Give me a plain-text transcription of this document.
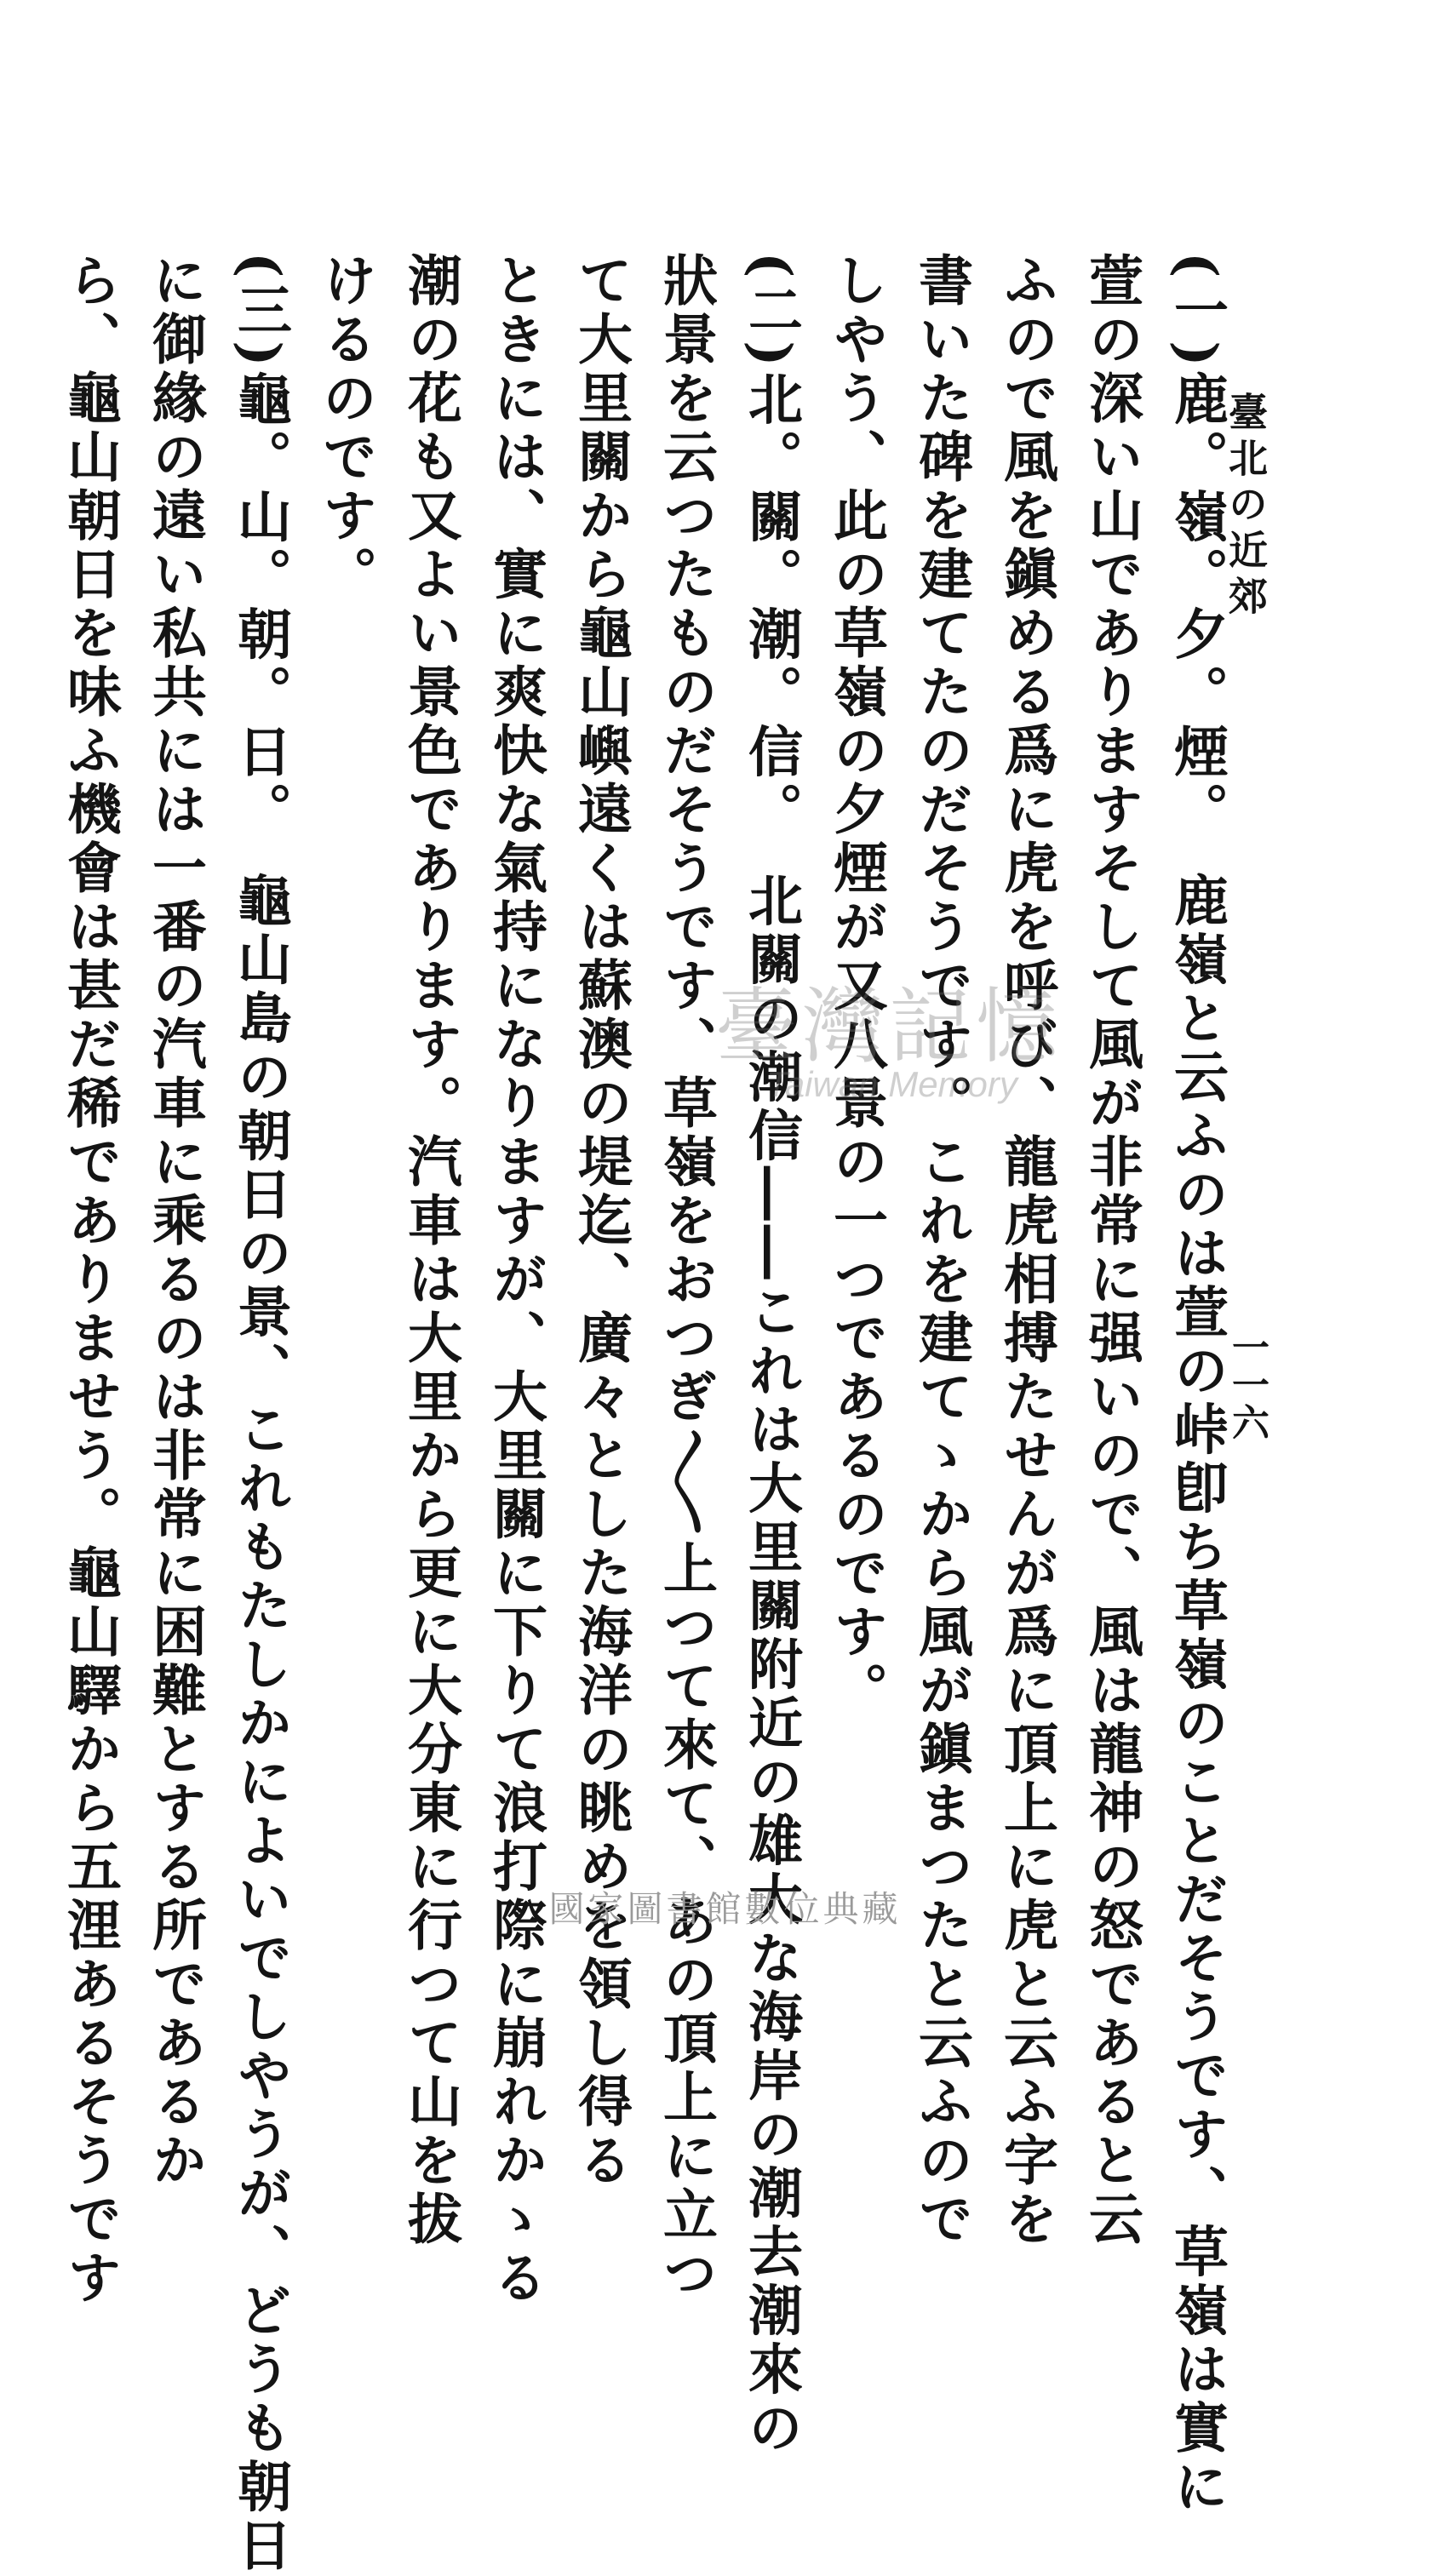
臺北の近郊
一一六

(一)鹿。嶺。夕。煙。　鹿嶺と云ふのは萱の峠卽ち草嶺のことだそうです、草嶺は實に

萱の深い山でありますそして風が非常に强いので、風は龍神の怒であると云

ふので風を鎭める爲に虎を呼び、龍虎相搏たせんが爲に頂上に虎と云ふ字を

書いた碑を建てたのだそうです。これを建てゝから風が鎭まつたと云ふので

しやう、此の草嶺の夕煙が又八景の一つであるのです。

(二)北。關。潮。信。　北關の潮信――これは大里關附近の雄大な海岸の潮去潮來の

狀景を云つたものだそうです、草嶺をおつぎ〳〵上つて來て、あの頂上に立つ

て大里關から龜山嶼遠くは蘇澳の堤迄、廣々とした海洋の眺めを領し得る

ときには、實に爽快な氣持になりますが、大里關に下りて浪打際に崩れかゝる

潮の花も又よい景色であります。汽車は大里から更に大分東に行つて山を拔

けるのです。

(三)龜。山。朝。日。　龜山島の朝日の景、これもたしかによいでしやうが、どうも朝日

に御緣の遠い私共には一番の汽車に乘るのは非常に困難とする所であるか

ら、龜山朝日を味ふ機會は甚だ稀でありませう。龜山驛から五浬あるそうです	臺灣記憶
Taiwan Memory
國家圖書館數位典藏
